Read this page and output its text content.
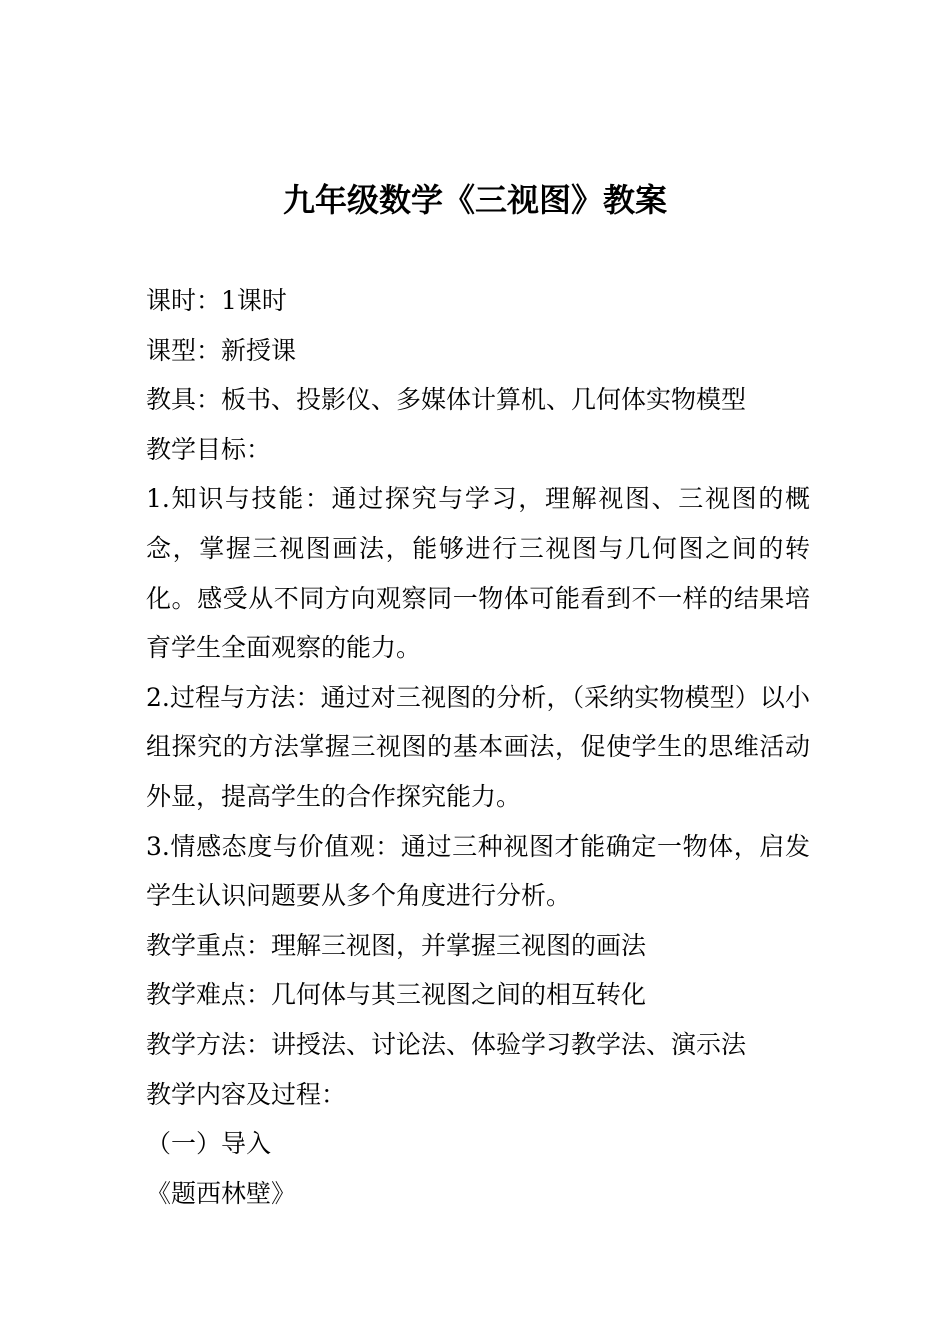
九年级数学《三视图》教案

课时：1课时

课型：新授课

教具：板书、投影仪、多媒体计算机、几何体实物模型

教学目标：

1.知识与技能：通过探究与学习，理解视图、三视图的概念，掌握三视图画法，能够进行三视图与几何图之间的转化。感受从不同方向观察同一物体可能看到不一样的结果培育学生全面观察的能力。

2.过程与方法：通过对三视图的分析，（采纳实物模型）以小组探究的方法掌握三视图的基本画法，促使学生的思维活动外显，提高学生的合作探究能力。

3.情感态度与价值观：通过三种视图才能确定一物体，启发学生认识问题要从多个角度进行分析。

教学重点：理解三视图，并掌握三视图的画法

教学难点：几何体与其三视图之间的相互转化

教学方法：讲授法、讨论法、体验学习教学法、演示法

教学内容及过程：

（一）导入

《题西林壁》
